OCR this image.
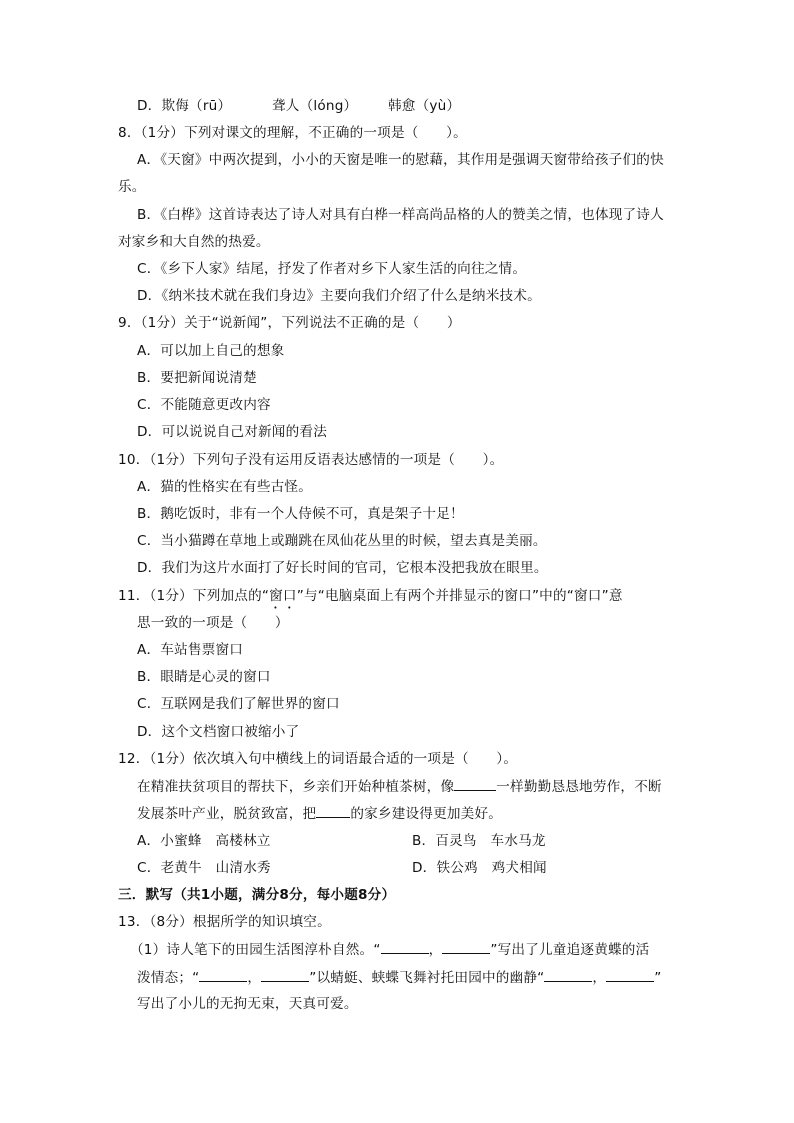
D．欺侮（rū）	聋人（lóng） 韩愈（yù）
8．（1分）下列对课文的理解，不正确的一项是（　　）。
A．《天窗》中两次提到，小小的天窗是唯一的慰藉，其作用是强调天窗带给孩子们的快
乐。
B．《白桦》这首诗表达了诗人对具有白桦一样高尚品格的人的赞美之情，也体现了诗人
对家乡和大自然的热爱。
C．《乡下人家》结尾，抒发了作者对乡下人家生活的向往之情。
D．《纳米技术就在我们身边》主要向我们介绍了什么是纳米技术。
9．（1分）关于“说新闻”，下列说法不正确的是（　　）
A．可以加上自己的想象
B．要把新闻说清楚
C．不能随意更改内容
D．可以说说自己对新闻的看法
10．（1分）下列句子没有运用反语表达感情的一项是（　　）。
A．猫的性格实在有些古怪。
B．鹅吃饭时，非有一个人侍候不可，真是架子十足！
C．当小猫蹲在草地上或蹦跳在凤仙花丛里的时候，望去真是美丽。
D．我们为这片水面打了好长时间的官司，它根本没把我放在眼里。
11．（1分）下列加点的“窗口”与“电脑桌面上有两个并排显示的窗口”中的“窗口”意
思一致的一项是（　　）
A．车站售票窗口
B．眼睛是心灵的窗口
C．互联网是我们了解世界的窗口
D．这个文档窗口被缩小了
12．（1分）依次填入句中横线上的词语最合适的一项是（　　）。
在精准扶贫项目的帮扶下，乡亲们开始种植茶树，像	一样勤勤恳恳地劳作，不断
发展茶叶产业，脱贫致富，把	的家乡建设得更加美好。
A．小蜜蜂　高楼林立	B．百灵鸟　车水马龙
C．老黄牛　山清水秀	D．铁公鸡　鸡犬相闻
三．默写（共1小题，满分8分，每小题8分）
13．（8分）根据所学的知识填空。
（1）诗人笔下的田园生活图淳朴自然。“	，	”写出了儿童追逐黄蝶的活
泼情态；“	，	”以蜻蜓、蛱蝶飞舞衬托田园中的幽静“	，	”
写出了小儿的无拘无束，天真可爱。
